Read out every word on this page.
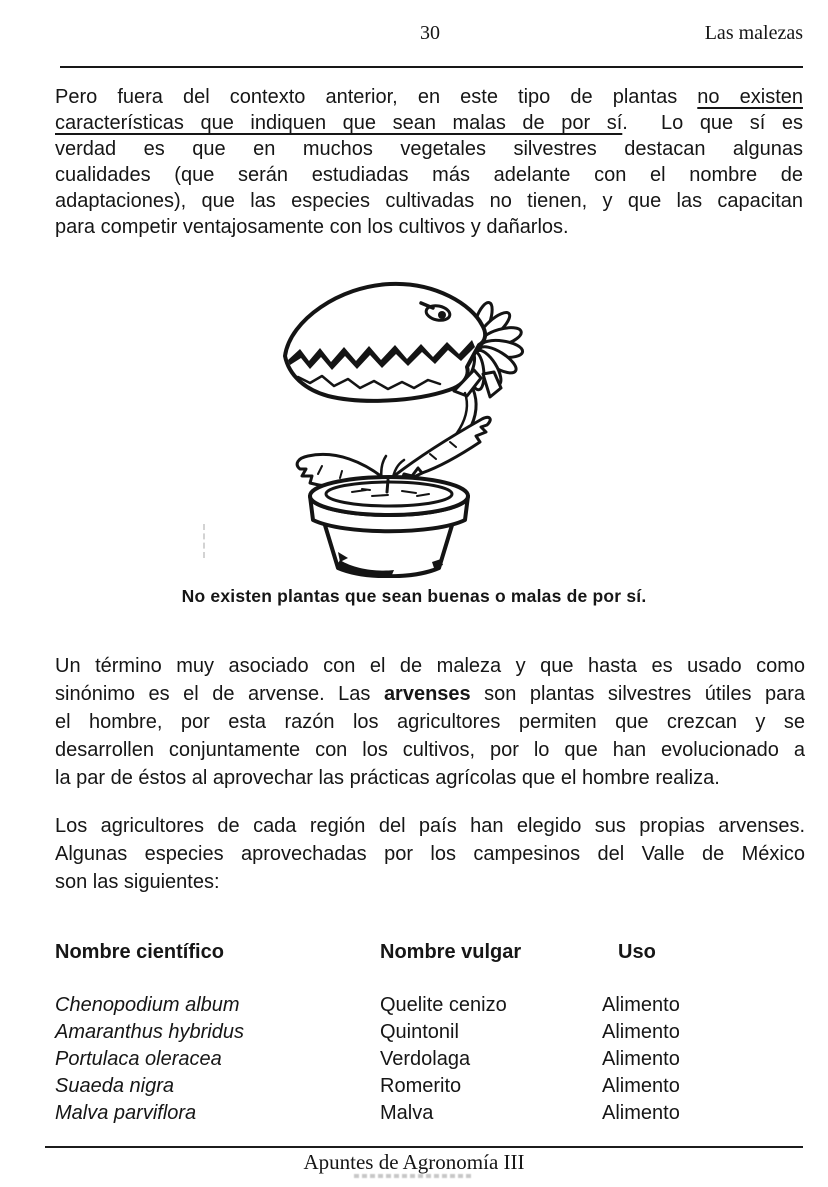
30	Las malezas
Pero fuera del contexto anterior, en este tipo de plantas no existen
características que indiquen que sean malas de por sí.  Lo que sí es
verdad es que en muchos vegetales silvestres destacan algunas
cualidades (que serán estudiadas más adelante con el nombre de
adaptaciones), que las especies cultivadas no tienen, y que las capacitan
para competir ventajosamente con los cultivos y dañarlos.
No existen plantas que sean buenas o malas de por sí.
Un término muy asociado con el de maleza y que hasta es usado como
sinónimo es el de arvense. Las arvenses son plantas silvestres útiles para
el hombre, por esta razón los agricultores permiten que crezcan y se
desarrollen conjuntamente con los cultivos, por lo que han evolucionado a
la par de éstos al aprovechar las prácticas agrícolas que el hombre realiza.
Los agricultores de cada región del país han elegido sus propias arvenses.
Algunas especies aprovechadas por los campesinos del Valle de México
son las siguientes:
Nombre científico	Nombre vulgar	Uso
Chenopodium album	Quelite cenizo	Alimento
Amaranthus hybridus	Quintonil	Alimento
Portulaca oleracea	Verdolaga	Alimento
Suaeda nigra	Romerito	Alimento
Malva parviflora	Malva	Alimento
Apuntes de Agronomía III
